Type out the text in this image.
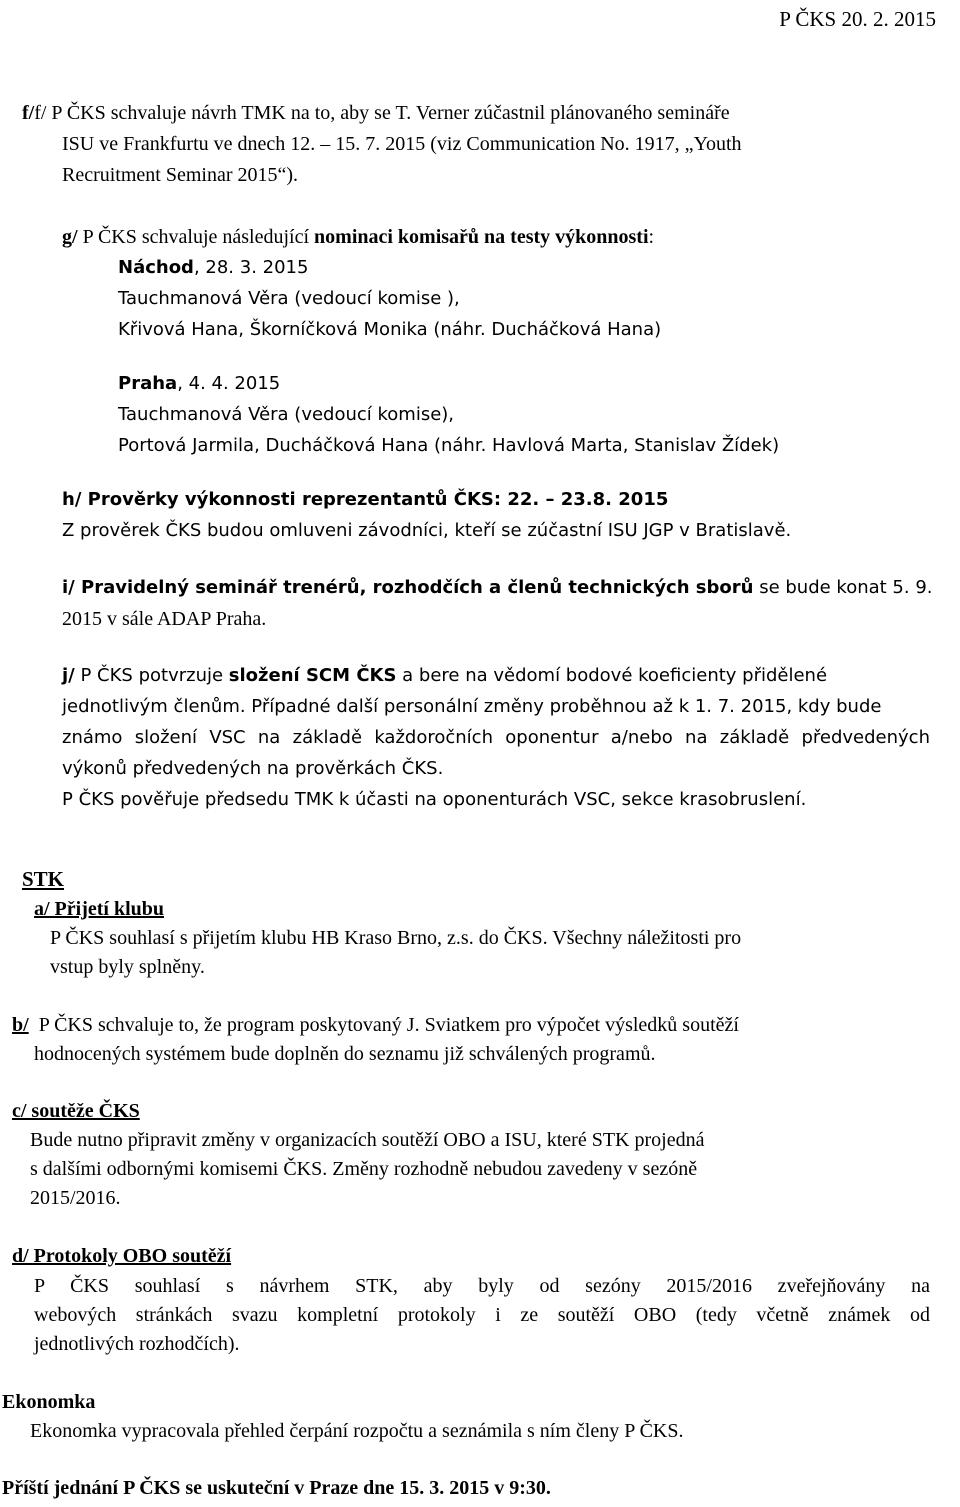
P ČKS 20. 2. 2015
f/f/ P ČKS schvaluje návrh TMK na to, aby se T. Verner zúčastnil plánovaného semináře
ISU ve Frankfurtu ve dnech 12. – 15. 7. 2015 (viz Communication No. 1917, „Youth
Recruitment Seminar 2015“).
g/ P ČKS schvaluje následující nominaci komisařů na testy výkonnosti:
Náchod, 28. 3. 2015
Tauchmanová Věra (vedoucí komise ),
Křivová Hana, Škorníčková Monika (náhr. Ducháčková Hana)
Praha, 4. 4. 2015
Tauchmanová Věra (vedoucí komise),
Portová Jarmila, Ducháčková Hana (náhr. Havlová Marta, Stanislav Žídek)
h/ Prověrky výkonnosti reprezentantů ČKS: 22. – 23.8. 2015
Z prověrek ČKS budou omluveni závodníci, kteří se zúčastní ISU JGP v Bratislavě.
i/ Pravidelný seminář trenérů, rozhodčích a členů technických sborů se bude konat 5. 9.
2015 v sále ADAP Praha.
j/ P ČKS potvrzuje složení SCM ČKS a bere na vědomí bodové koeficienty přidělené
jednotlivým členům. Případné další personální změny proběhnou až k 1. 7. 2015, kdy bude
známo složení VSC na základě každoročních oponentur a/nebo na základě předvedených
výkonů předvedených na prověrkách ČKS.
P ČKS pověřuje předsedu TMK k účasti na oponenturách VSC, sekce krasobruslení.
STK
a/ Přijetí klubu
P ČKS souhlasí s přijetím klubu HB Kraso Brno, z.s. do ČKS. Všechny náležitosti pro
vstup byly splněny.
b/  P ČKS schvaluje to, že program poskytovaný J. Sviatkem pro výpočet výsledků soutěží
hodnocených systémem bude doplněn do seznamu již schválených programů.
c/ soutěže ČKS
Bude nutno připravit změny v organizacích soutěží OBO a ISU, které STK projedná
s dalšími odbornými komisemi ČKS. Změny rozhodně nebudou zavedeny v sezóně
2015/2016.
d/ Protokoly OBO soutěží
P ČKS souhlasí s návrhem STK, aby byly od sezóny 2015/2016 zveřejňovány na
webových stránkách svazu kompletní protokoly i ze soutěží OBO (tedy včetně známek od
jednotlivých rozhodčích).
Ekonomka
Ekonomka vypracovala přehled čerpání rozpočtu a seznámila s ním členy P ČKS.
Příští jednání P ČKS se uskuteční v Praze dne 15. 3. 2015 v 9:30.
